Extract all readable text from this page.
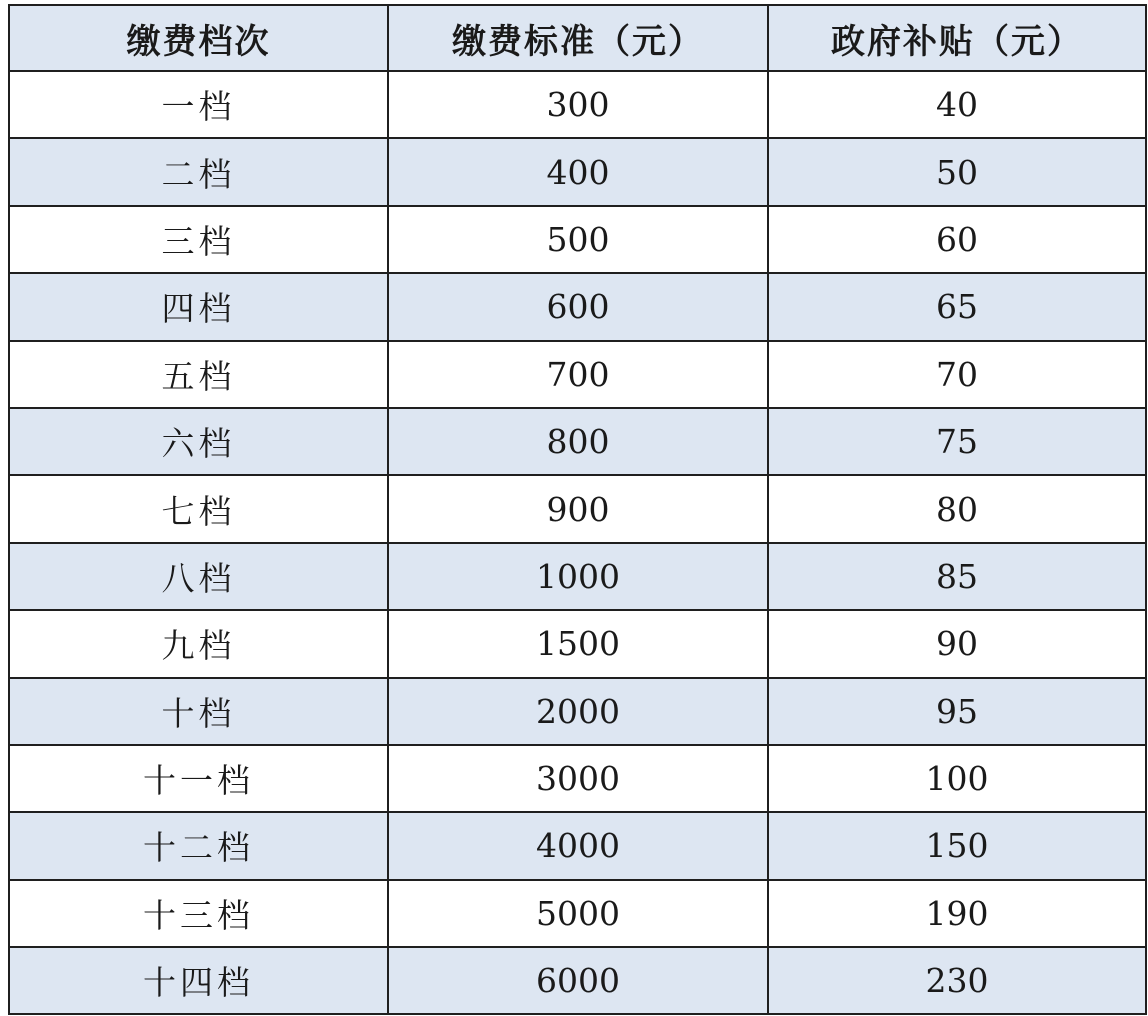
缴费档次	缴费标准（元）	政府补贴（元）
一档	300	40
二档	400	50
三档	500	60
四档	600	65
五档	700	70
六档	800	75
七档	900	80
八档	1000	85
九档	1500	90
十档	2000	95
十一档	3000	100
十二档	4000	150
十三档	5000	190
十四档	6000	230
